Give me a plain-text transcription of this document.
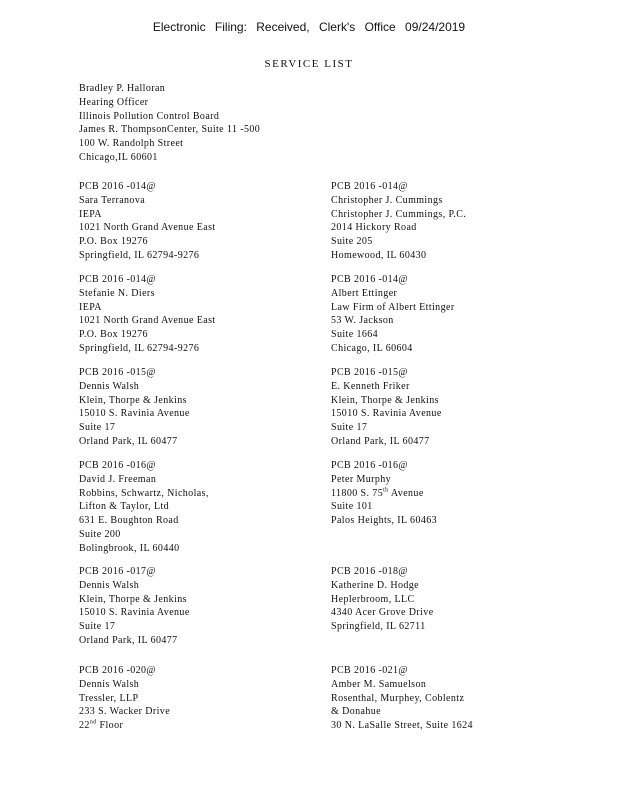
Electronic Filing: Received, Clerk's Office 09/24/2019
SERVICE LIST
Bradley P. Halloran
Hearing Officer
Illinois Pollution Control Board
James R. ThompsonCenter, Suite 11 -500
100 W. Randolph Street
Chicago,IL 60601
PCB 2016 -014@
Sara Terranova
IEPA
1021 North Grand Avenue East
P.O. Box 19276
Springfield, IL 62794-9276
PCB 2016 -014@
Christopher J. Cummings
Christopher J. Cummings, P.C.
2014 Hickory Road
Suite 205
Homewood, IL 60430
PCB 2016 -014@
Stefanie N. Diers
IEPA
1021 North Grand Avenue East
P.O. Box 19276
Springfield, IL 62794-9276
PCB 2016 -014@
Albert Ettinger
Law Firm of Albert Ettinger
53 W. Jackson
Suite 1664
Chicago, IL 60604
PCB 2016 -015@
Dennis Walsh
Klein, Thorpe & Jenkins
15010 S. Ravinia Avenue
Suite 17
Orland Park, IL 60477
PCB 2016 -015@
E. Kenneth Friker
Klein, Thorpe & Jenkins
15010 S. Ravinia Avenue
Suite 17
Orland Park, IL 60477
PCB 2016 -016@
David J. Freeman
Robbins, Schwartz, Nicholas,
Lifton & Taylor, Ltd
631 E. Boughton Road
Suite 200
Bolingbrook, IL 60440
PCB 2016 -016@
Peter Murphy
11800 S. 75th Avenue
Suite 101
Palos Heights, IL 60463
PCB 2016 -017@
Dennis Walsh
Klein, Thorpe & Jenkins
15010 S. Ravinia Avenue
Suite 17
Orland Park, IL 60477
PCB 2016 -018@
Katherine D. Hodge
Heplerbroom, LLC
4340 Acer Grove Drive
Springfield, IL 62711
PCB 2016 -020@
Dennis Walsh
Tressler, LLP
233 S. Wacker Drive
22nd Floor
PCB 2016 -021@
Amber M. Samuelson
Rosenthal, Murphey, Coblentz
& Donahue
30 N. LaSalle Street, Suite 1624
